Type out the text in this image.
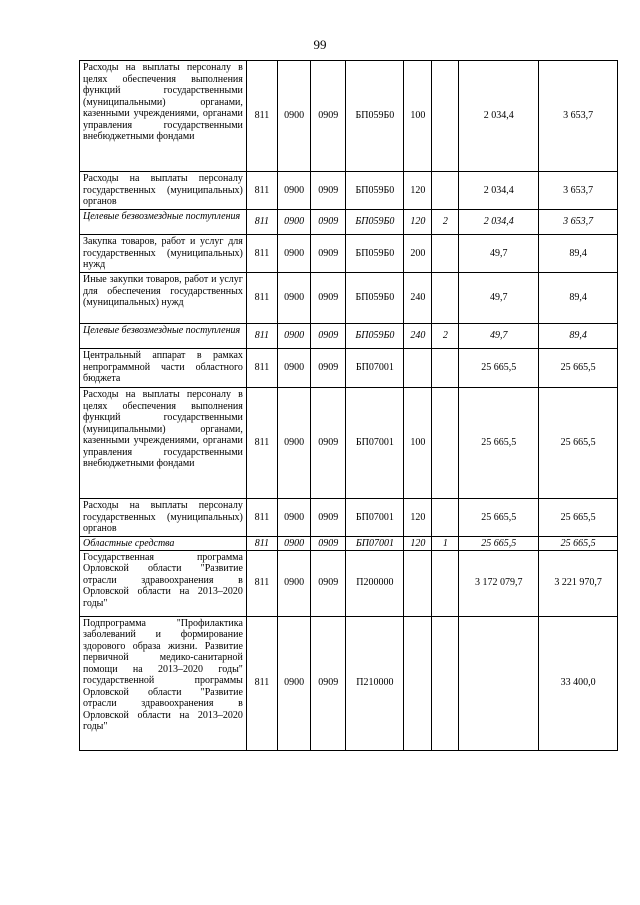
99
Расходы на выплаты персоналу в целях обеспечения выполнения функций государственными (муниципальными) органами, казенными учреждениями, органами управления государственными внебюджетными фондами	811	0900	0909	БП059Б0	100		2 034,4	3 653,7
Расходы на выплаты персоналу государственных (муниципальных) органов	811	0900	0909	БП059Б0	120		2 034,4	3 653,7
Целевые безвозмездные поступления	811	0900	0909	БП059Б0	120	2	2 034,4	3 653,7
Закупка товаров, работ и услуг для государственных (муниципальных) нужд	811	0900	0909	БП059Б0	200		49,7	89,4
Иные закупки товаров, работ и услуг для обеспечения государственных (муниципальных) нужд	811	0900	0909	БП059Б0	240		49,7	89,4
Целевые безвозмездные поступления	811	0900	0909	БП059Б0	240	2	49,7	89,4
Центральный аппарат в рамках непрограммной части областного бюджета	811	0900	0909	БП07001			25 665,5	25 665,5
Расходы на выплаты персоналу в целях обеспечения выполнения функций государственными (муниципальными) органами, казенными учреждениями, органами управления государственными внебюджетными фондами	811	0900	0909	БП07001	100		25 665,5	25 665,5
Расходы на выплаты персоналу государственных (муниципальных) органов	811	0900	0909	БП07001	120		25 665,5	25 665,5
Областные средства	811	0900	0909	БП07001	120	1	25 665,5	25 665,5
Государственная программа Орловской области "Развитие отрасли здравоохранения в Орловской области на 2013–2020 годы"	811	0900	0909	П200000			3 172 079,7	3 221 970,7
Подпрограмма "Профилактика заболеваний и формирование здорового образа жизни. Развитие первичной медико-санитарной помощи на 2013–2020 годы" государственной программы Орловской области "Развитие отрасли здравоохранения в Орловской области на 2013–2020 годы"	811	0900	0909	П210000				33 400,0
